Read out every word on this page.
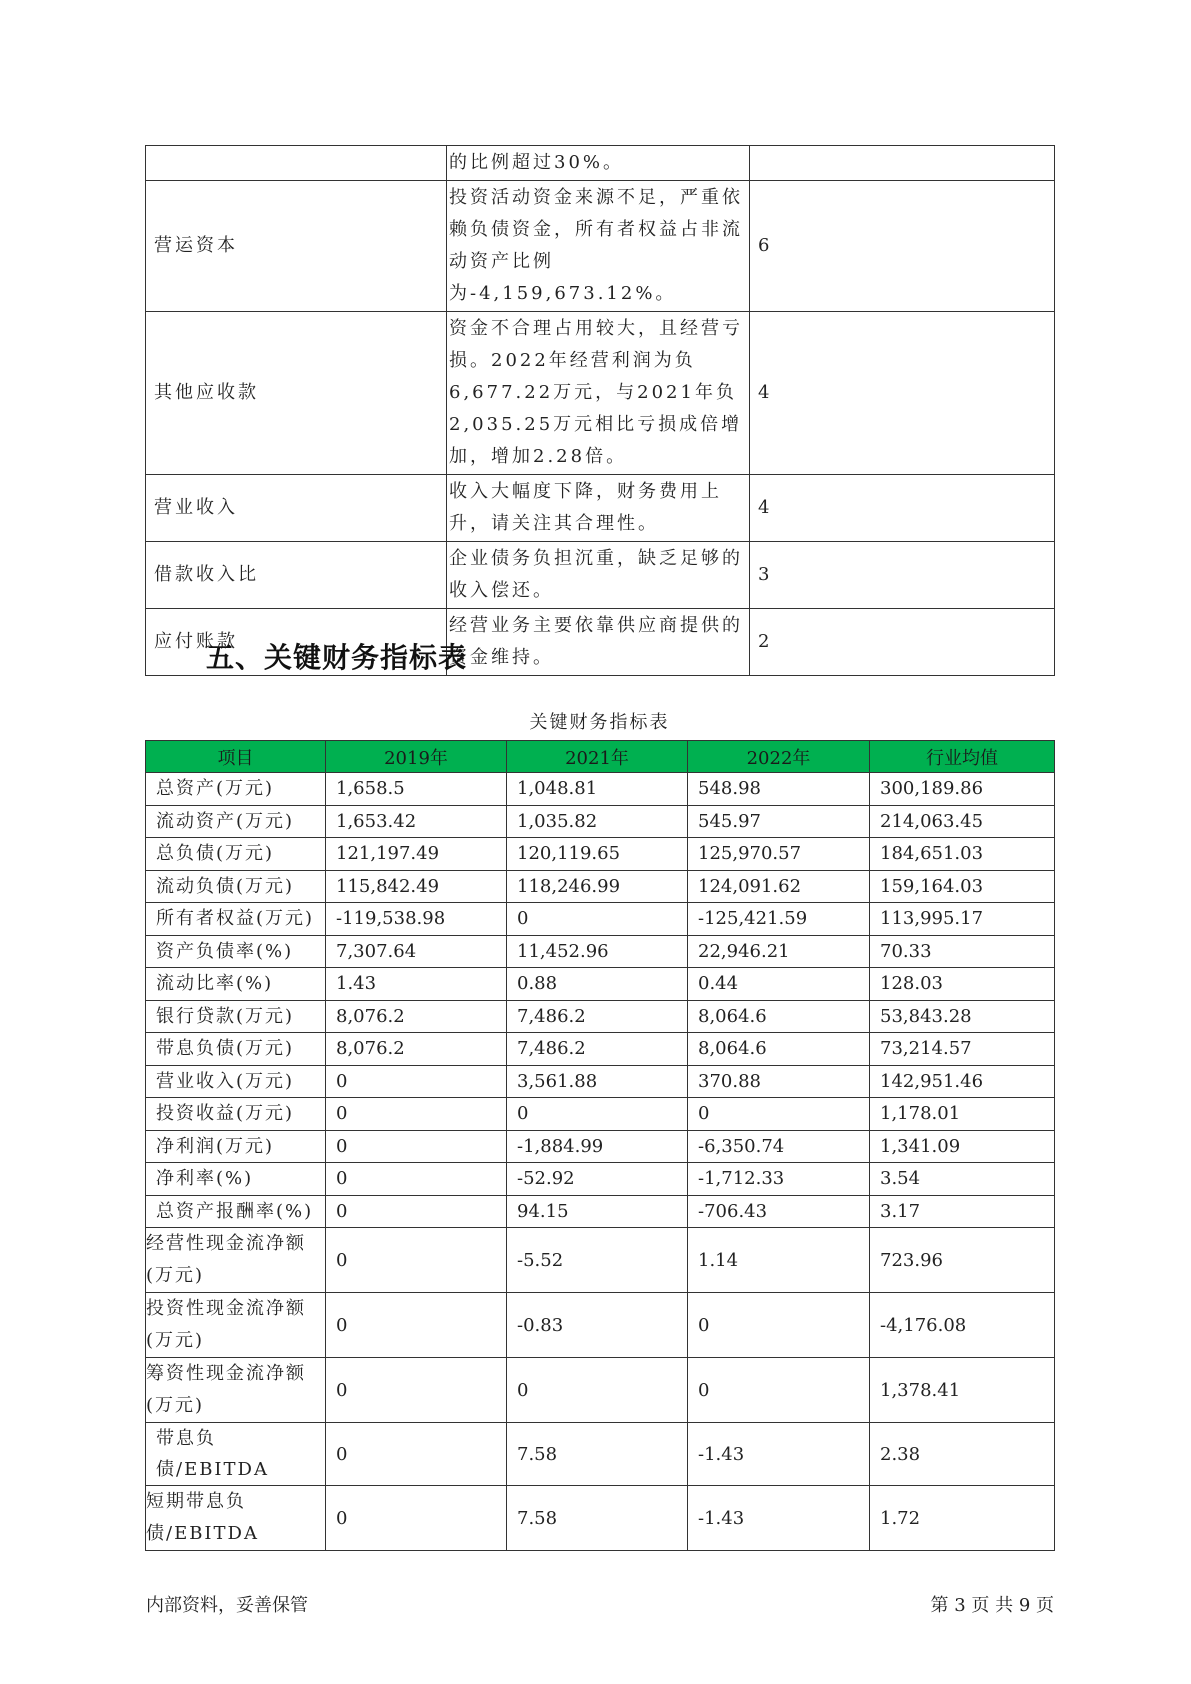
	的比例超过30%。	
营运资本	投资活动资金来源不足，严重依赖负债资金，所有者权益占非流动资产比例为-4,159,673.12%。	6
其他应收款	资金不合理占用较大，且经营亏损。2022年经营利润为负6,677.22万元，与2021年负2,035.25万元相比亏损成倍增加，增加2.28倍。	4
营业收入	收入大幅度下降，财务费用上升，请关注其合理性。	4
借款收入比	企业债务负担沉重，缺乏足够的收入偿还。	3
应付账款	经营业务主要依靠供应商提供的资金维持。	2
五、关键财务指标表
关键财务指标表
项目	2019年	2021年	2022年	行业均值
总资产(万元)	1,658.5	1,048.81	548.98	300,189.86
流动资产(万元)	1,653.42	1,035.82	545.97	214,063.45
总负债(万元)	121,197.49	120,119.65	125,970.57	184,651.03
流动负债(万元)	115,842.49	118,246.99	124,091.62	159,164.03
所有者权益(万元)	-119,538.98	0	-125,421.59	113,995.17
资产负债率(%)	7,307.64	11,452.96	22,946.21	70.33
流动比率(%)	1.43	0.88	0.44	128.03
银行贷款(万元)	8,076.2	7,486.2	8,064.6	53,843.28
带息负债(万元)	8,076.2	7,486.2	8,064.6	73,214.57
营业收入(万元)	0	3,561.88	370.88	142,951.46
投资收益(万元)	0	0	0	1,178.01
净利润(万元)	0	-1,884.99	-6,350.74	1,341.09
净利率(%)	0	-52.92	-1,712.33	3.54
总资产报酬率(%)	0	94.15	-706.43	3.17
经营性现金流净额(万元)	0	-5.52	1.14	723.96
投资性现金流净额(万元)	0	-0.83	0	-4,176.08
筹资性现金流净额(万元)	0	0	0	1,378.41
带息负债/EBITDA	0	7.58	-1.43	2.38
短期带息负债/EBITDA	0	7.58	-1.43	1.72
内部资料，妥善保管	第 3 页 共 9 页
